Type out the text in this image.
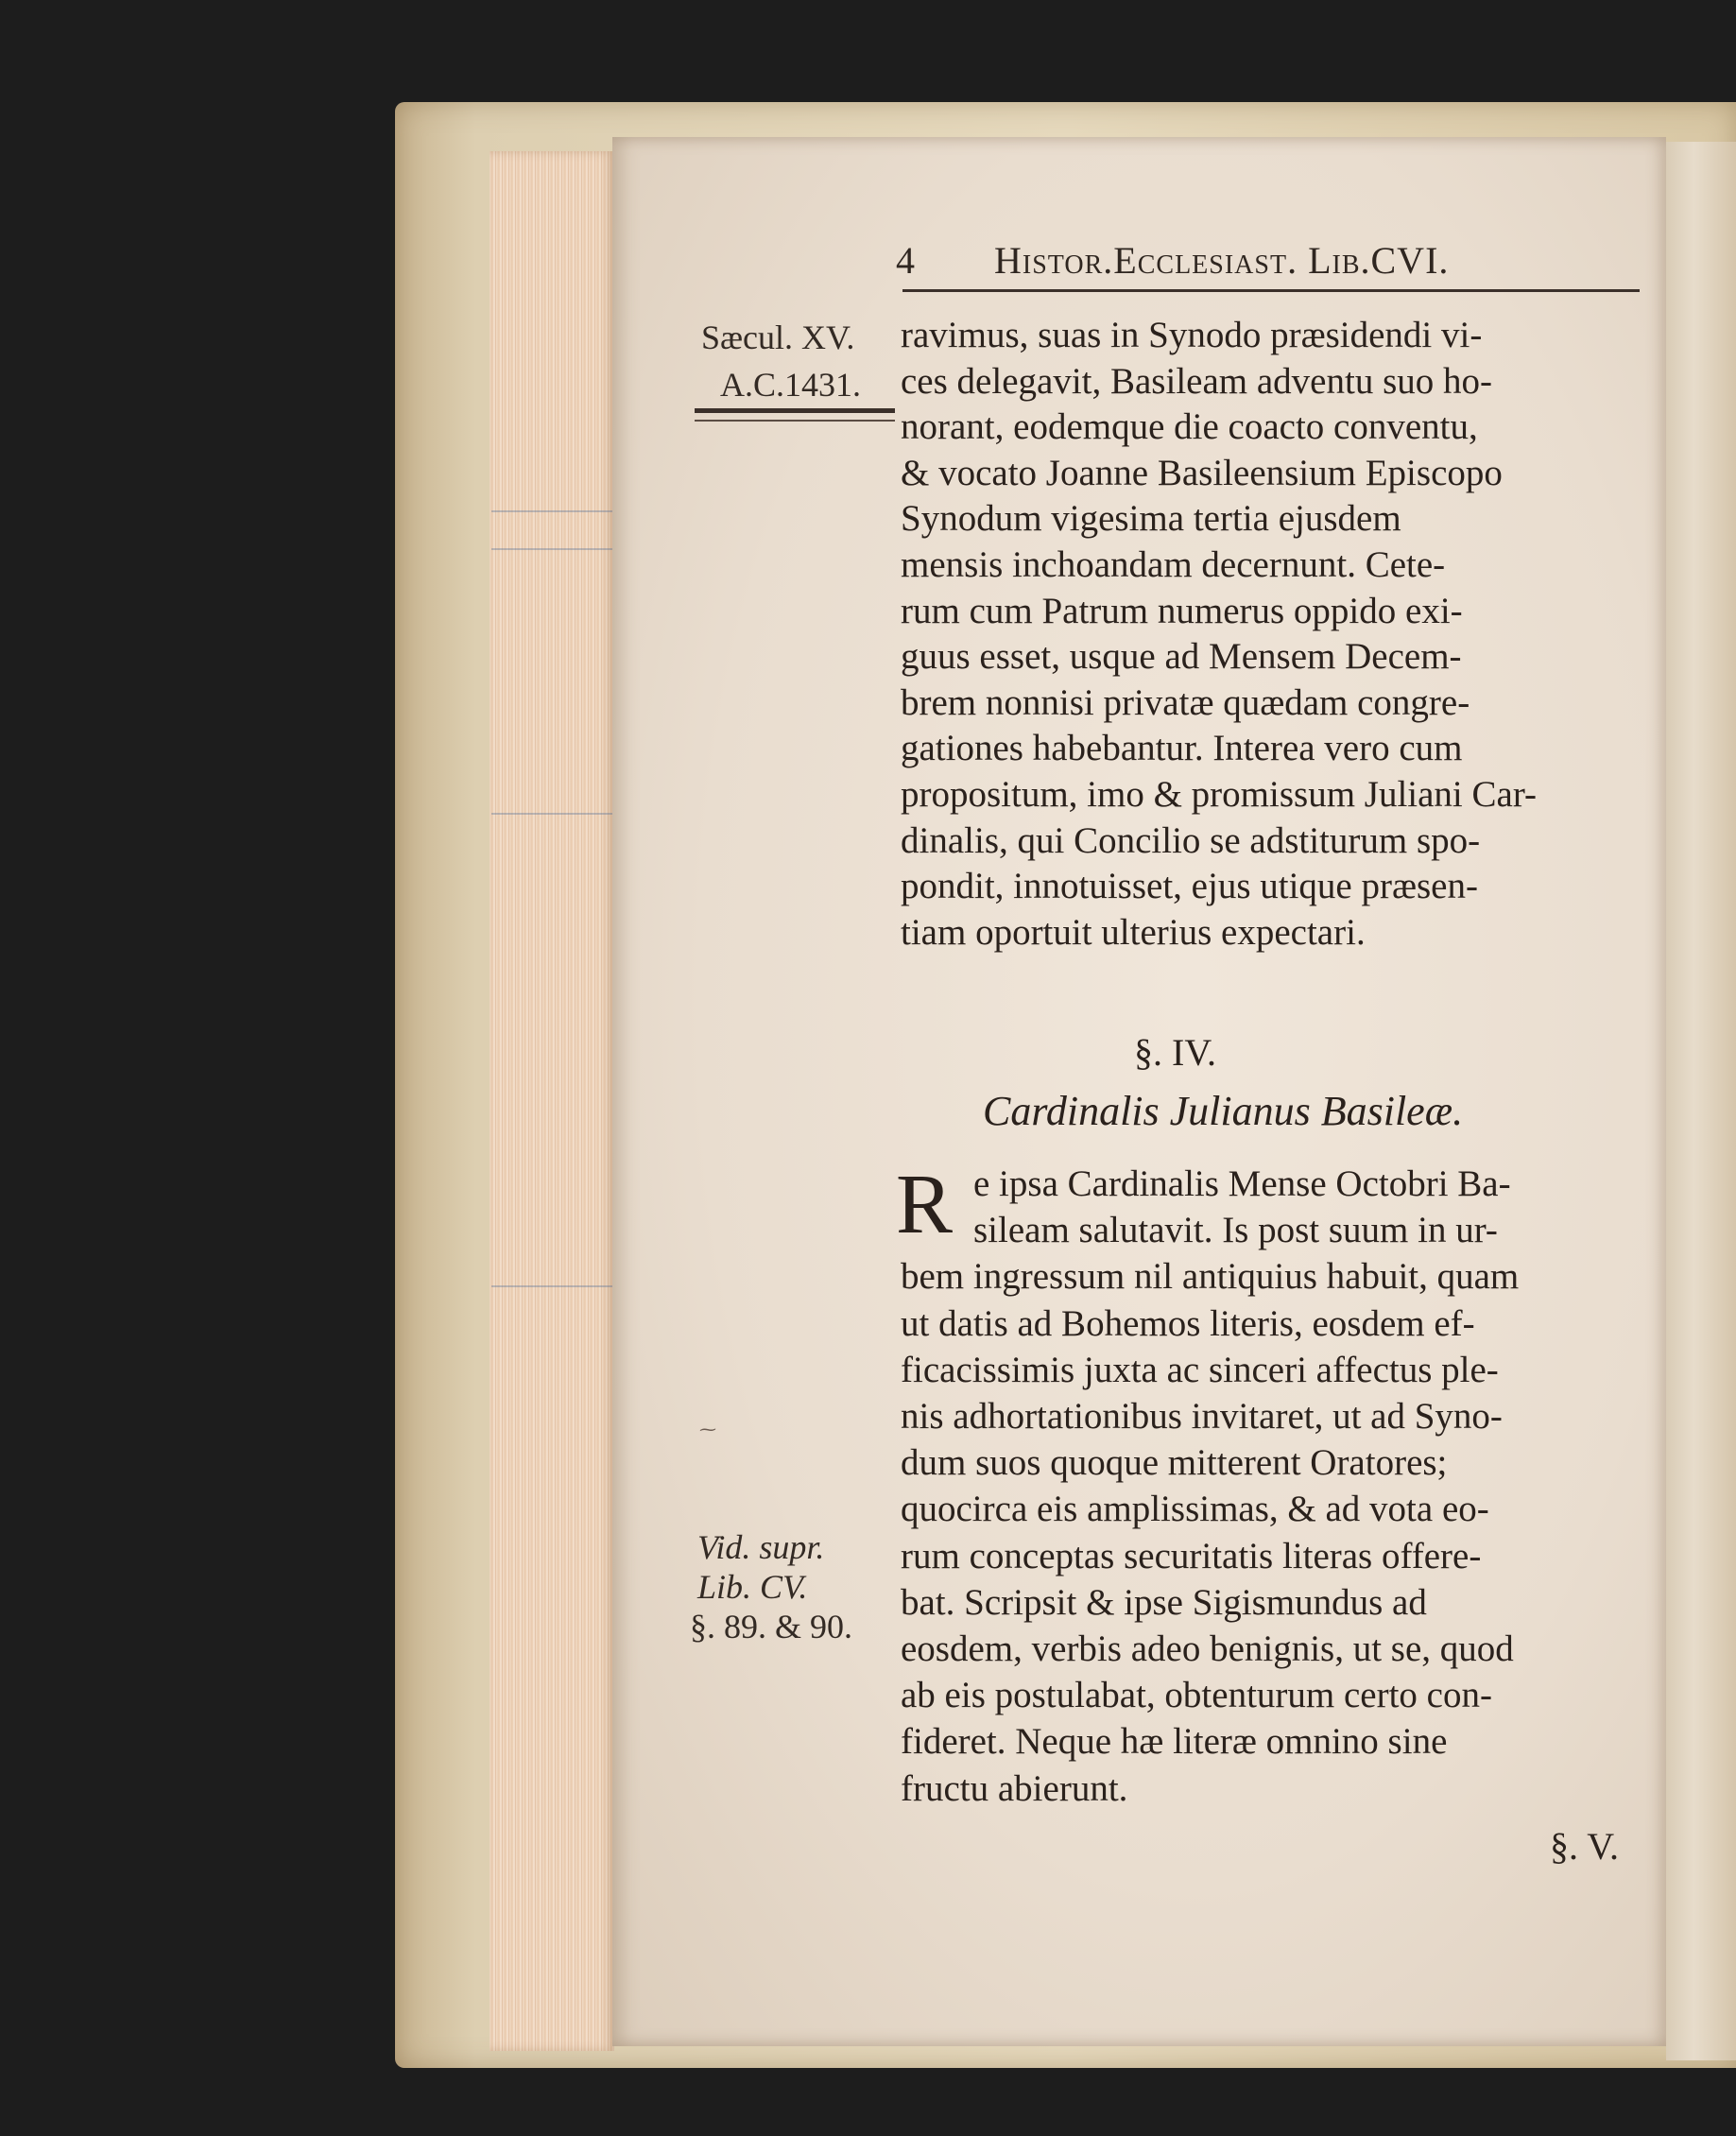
4 Histor.Ecclesiast. Lib.CVI.
Sæcul. XV.
A.C.1431.
ravimus, suas in Synodo præsidendi vi-
ces delegavit, Basileam adventu suo ho-
norant, eodemque die coacto conventu,
& vocato Joanne Basileensium Episcopo
Synodum vigesima tertia ejusdem
mensis inchoandam decernunt. Cete-
rum cum Patrum numerus oppido exi-
guus esset, usque ad Mensem Decem-
brem nonnisi privatæ quædam congre-
gationes habebantur. Interea vero cum
propositum, imo & promissum Juliani Car-
dinalis, qui Concilio se adstiturum spo-
pondit, innotuisset, ejus utique præsen-
tiam oportuit ulterius expectari.
§. IV.
Cardinalis Julianus Basileæ.
R e ipsa Cardinalis Mense Octobri Ba-
sileam salutavit. Is post suum in ur-
bem ingressum nil antiquius habuit, quam
ut datis ad Bohemos literis, eosdem ef-
ficacissimis juxta ac sinceri affectus ple-
nis adhortationibus invitaret, ut ad Syno-
dum suos quoque mitterent Oratores;
quocirca eis amplissimas, & ad vota eo-
rum conceptas securitatis literas offere-
bat. Scripsit & ipse Sigismundus ad
eosdem, verbis adeo benignis, ut se, quod
ab eis postulabat, obtenturum certo con-
fideret. Neque hæ literæ omnino sine
fructu abierunt.
⁓
Vid. supr.
Lib. CV.
§. 89. & 90.
§. V.
